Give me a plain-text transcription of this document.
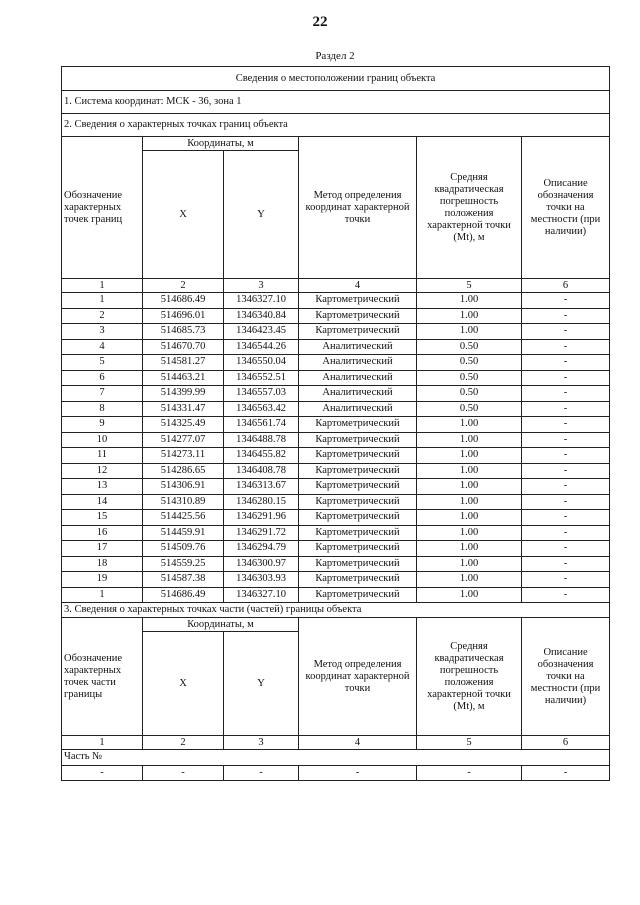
22
Раздел 2
Сведения о местоположении границ объекта					
1. Система координат: МСК - 36, зона 1					
2. Сведения о характерных точках границ объекта					
Обозначение характерных точек границ	Координаты, м		Метод определения координат характерной точки	Средняя квадратическая погрешность положения характерной точки (Mt), м	Описание обозначения точки на местности (при наличии)
	X	Y			
1	2	3	4	5	6
1	514686.49	1346327.10	Картометрический	1.00	-
2	514696.01	1346340.84	Картометрический	1.00	-
3	514685.73	1346423.45	Картометрический	1.00	-
4	514670.70	1346544.26	Аналитический	0.50	-
5	514581.27	1346550.04	Аналитический	0.50	-
6	514463.21	1346552.51	Аналитический	0.50	-
7	514399.99	1346557.03	Аналитический	0.50	-
8	514331.47	1346563.42	Аналитический	0.50	-
9	514325.49	1346561.74	Картометрический	1.00	-
10	514277.07	1346488.78	Картометрический	1.00	-
11	514273.11	1346455.82	Картометрический	1.00	-
12	514286.65	1346408.78	Картометрический	1.00	-
13	514306.91	1346313.67	Картометрический	1.00	-
14	514310.89	1346280.15	Картометрический	1.00	-
15	514425.56	1346291.96	Картометрический	1.00	-
16	514459.91	1346291.72	Картометрический	1.00	-
17	514509.76	1346294.79	Картометрический	1.00	-
18	514559.25	1346300.97	Картометрический	1.00	-
19	514587.38	1346303.93	Картометрический	1.00	-
1	514686.49	1346327.10	Картометрический	1.00	-
3. Сведения о характерных точках части (частей) границы объекта					

Обозначение характерных точек части границы	Координаты, м		Метод определения координат характерной точки	Средняя квадратическая погрешность положения характерной точки (Mt), м	Описание обозначения точки на местности (при наличии)
	X	Y			
1	2	3	4	5	6
Часть №					
-	-	-	-	-	-
